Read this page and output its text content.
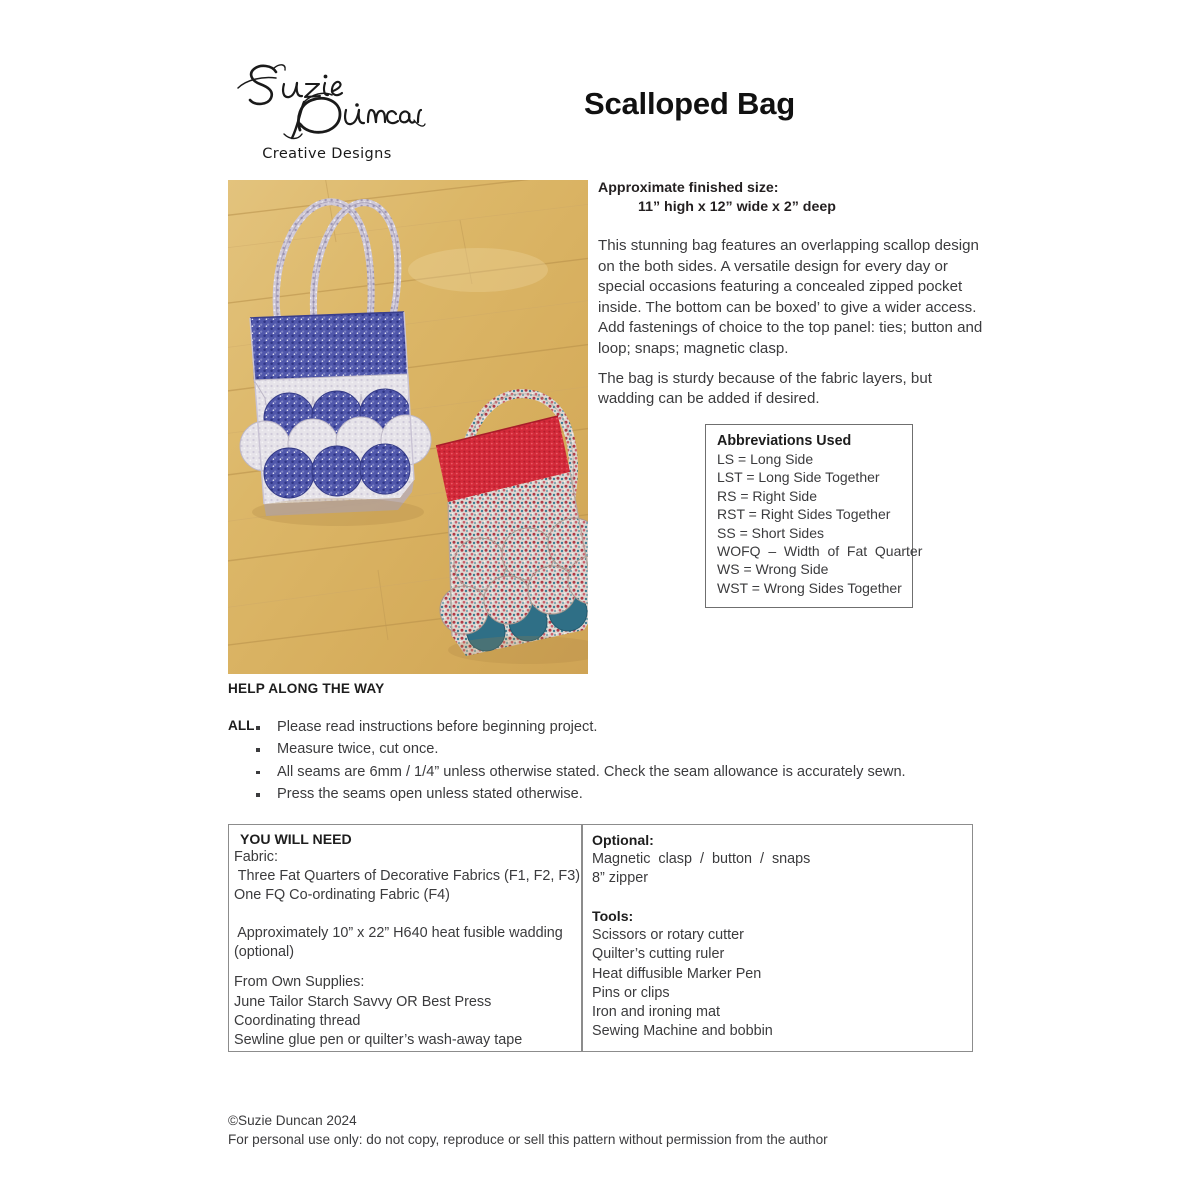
Creative Designs
Scalloped Bag
Approximate finished size:
11” high x 12” wide x 2” deep

This stunning bag features an overlapping scallop design on the both sides. A versatile design for every day or special occasions featuring a concealed zipped pocket inside. The bottom can be boxed’ to give a wider access. Add fastenings of choice to the top panel: ties; button and loop; snaps; magnetic clasp.

The bag is sturdy because of the fabric layers, but wadding can be added if desired.

Abbreviations Used
LS = Long Side
LST = Long Side Together
RS = Right Side
RST = Right Sides Together
SS = Short Sides
WOFQ  –  Width  of  Fat  Quarter
WS = Wrong Side
WST = Wrong Sides Together
HELP ALONG THE WAY
ALL	Please read instructions before beginning project.
Measure twice, cut once.
All seams are 6mm / 1/4” unless otherwise stated. Check the seam allowance is accurately sewn.
Press the seams open unless stated otherwise.
YOU WILL NEED
Fabric:
Three Fat Quarters of Decorative Fabrics (F1, F2, F3)
One FQ Co-ordinating Fabric (F4)
Approximately 10” x 22” H640 heat fusible wadding
(optional)
From Own Supplies:
June Tailor Starch Savvy OR Best Press
Coordinating thread
Sewline glue pen or quilter’s wash-away tape
Optional:
Magnetic  clasp  /  button  /  snaps
8” zipper
Tools:
Scissors or rotary cutter
Quilter’s cutting ruler
Heat diffusible Marker Pen
Pins or clips
Iron and ironing mat
Sewing Machine and bobbin
©Suzie Duncan 2024
For personal use only: do not copy, reproduce or sell this pattern without permission from the author
